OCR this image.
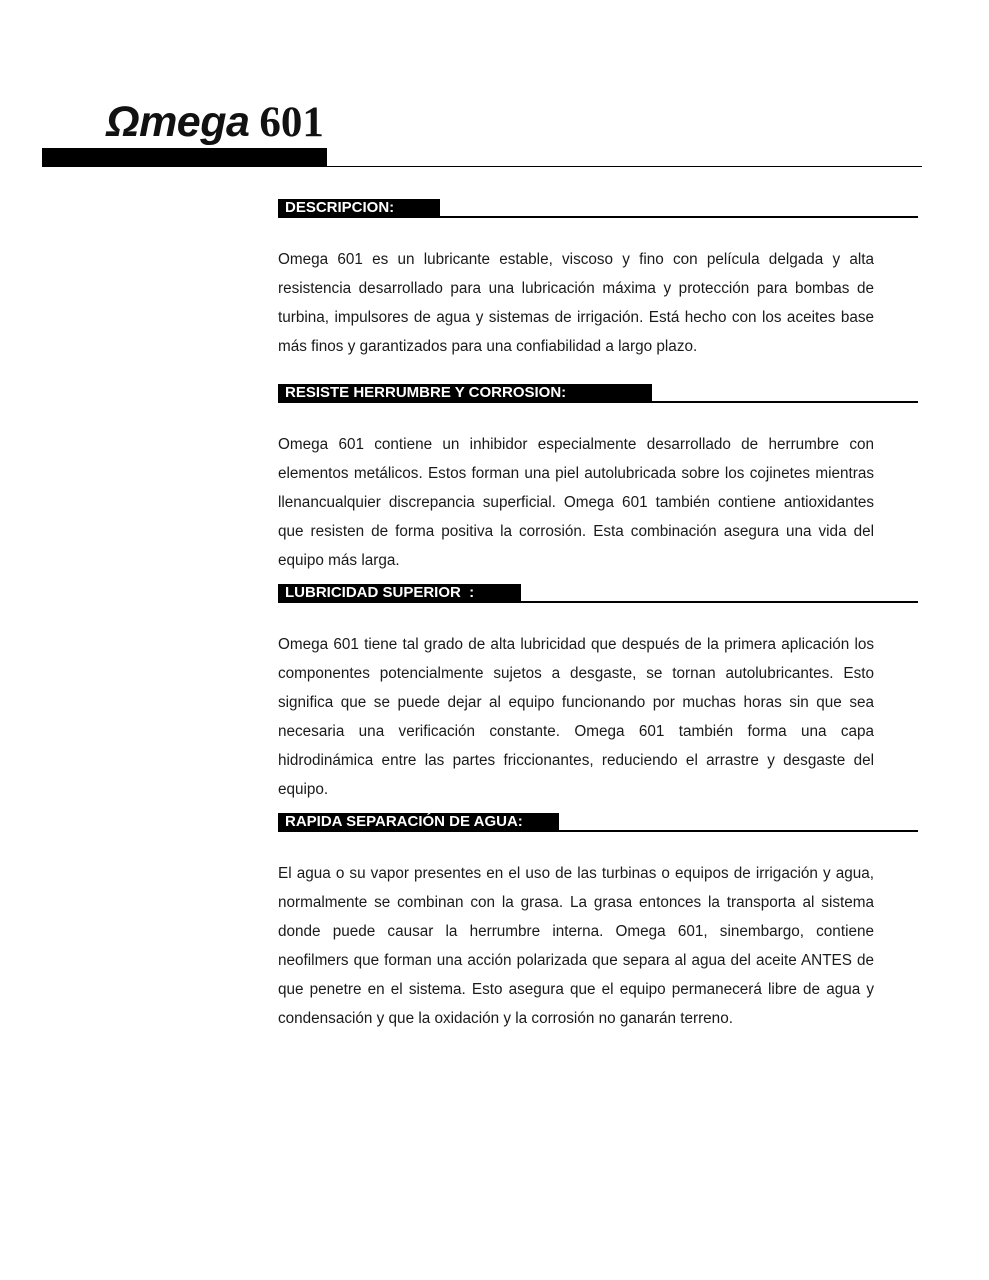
Ωmega 601
DESCRIPCION:

Omega 601 es un lubricante estable, viscoso y fino con película delgada y alta resistencia desarrollado para una lubricación máxima y protección para bombas de turbina, impulsores de agua y sistemas de irrigación. Está hecho con los aceites base más finos y garantizados para una confiabilidad a largo plazo.

RESISTE HERRUMBRE Y CORROSION:

Omega 601 contiene un inhibidor especialmente desarrollado de herrumbre con elementos metálicos. Estos forman una piel autolubricada sobre los cojinetes mientras llenancualquier discrepancia superficial. Omega 601 también contiene antioxidantes que resisten de forma positiva la corrosión. Esta combinación asegura una vida del equipo más larga.

LUBRICIDAD SUPERIOR  :

Omega 601 tiene tal grado de alta lubricidad que después de la primera aplicación los componentes potencialmente sujetos a desgaste, se tornan autolubricantes. Esto significa que se puede dejar al equipo funcionando por muchas horas sin que sea necesaria una verificación constante. Omega 601 también forma una capa hidrodinámica entre las partes friccionantes, reduciendo el arrastre y desgaste del equipo.

RAPIDA SEPARACIÓN DE AGUA:

El agua o su vapor presentes en el uso de las turbinas o equipos de irrigación y agua, normalmente se combinan con la grasa. La grasa entonces la transporta al sistema donde puede causar la herrumbre interna. Omega 601, sinembargo, contiene neofilmers que forman una acción polarizada que separa al agua del aceite ANTES de que penetre en el sistema. Esto asegura que el equipo permanecerá libre de agua y condensación y que la oxidación y la corrosión no ganarán terreno.
